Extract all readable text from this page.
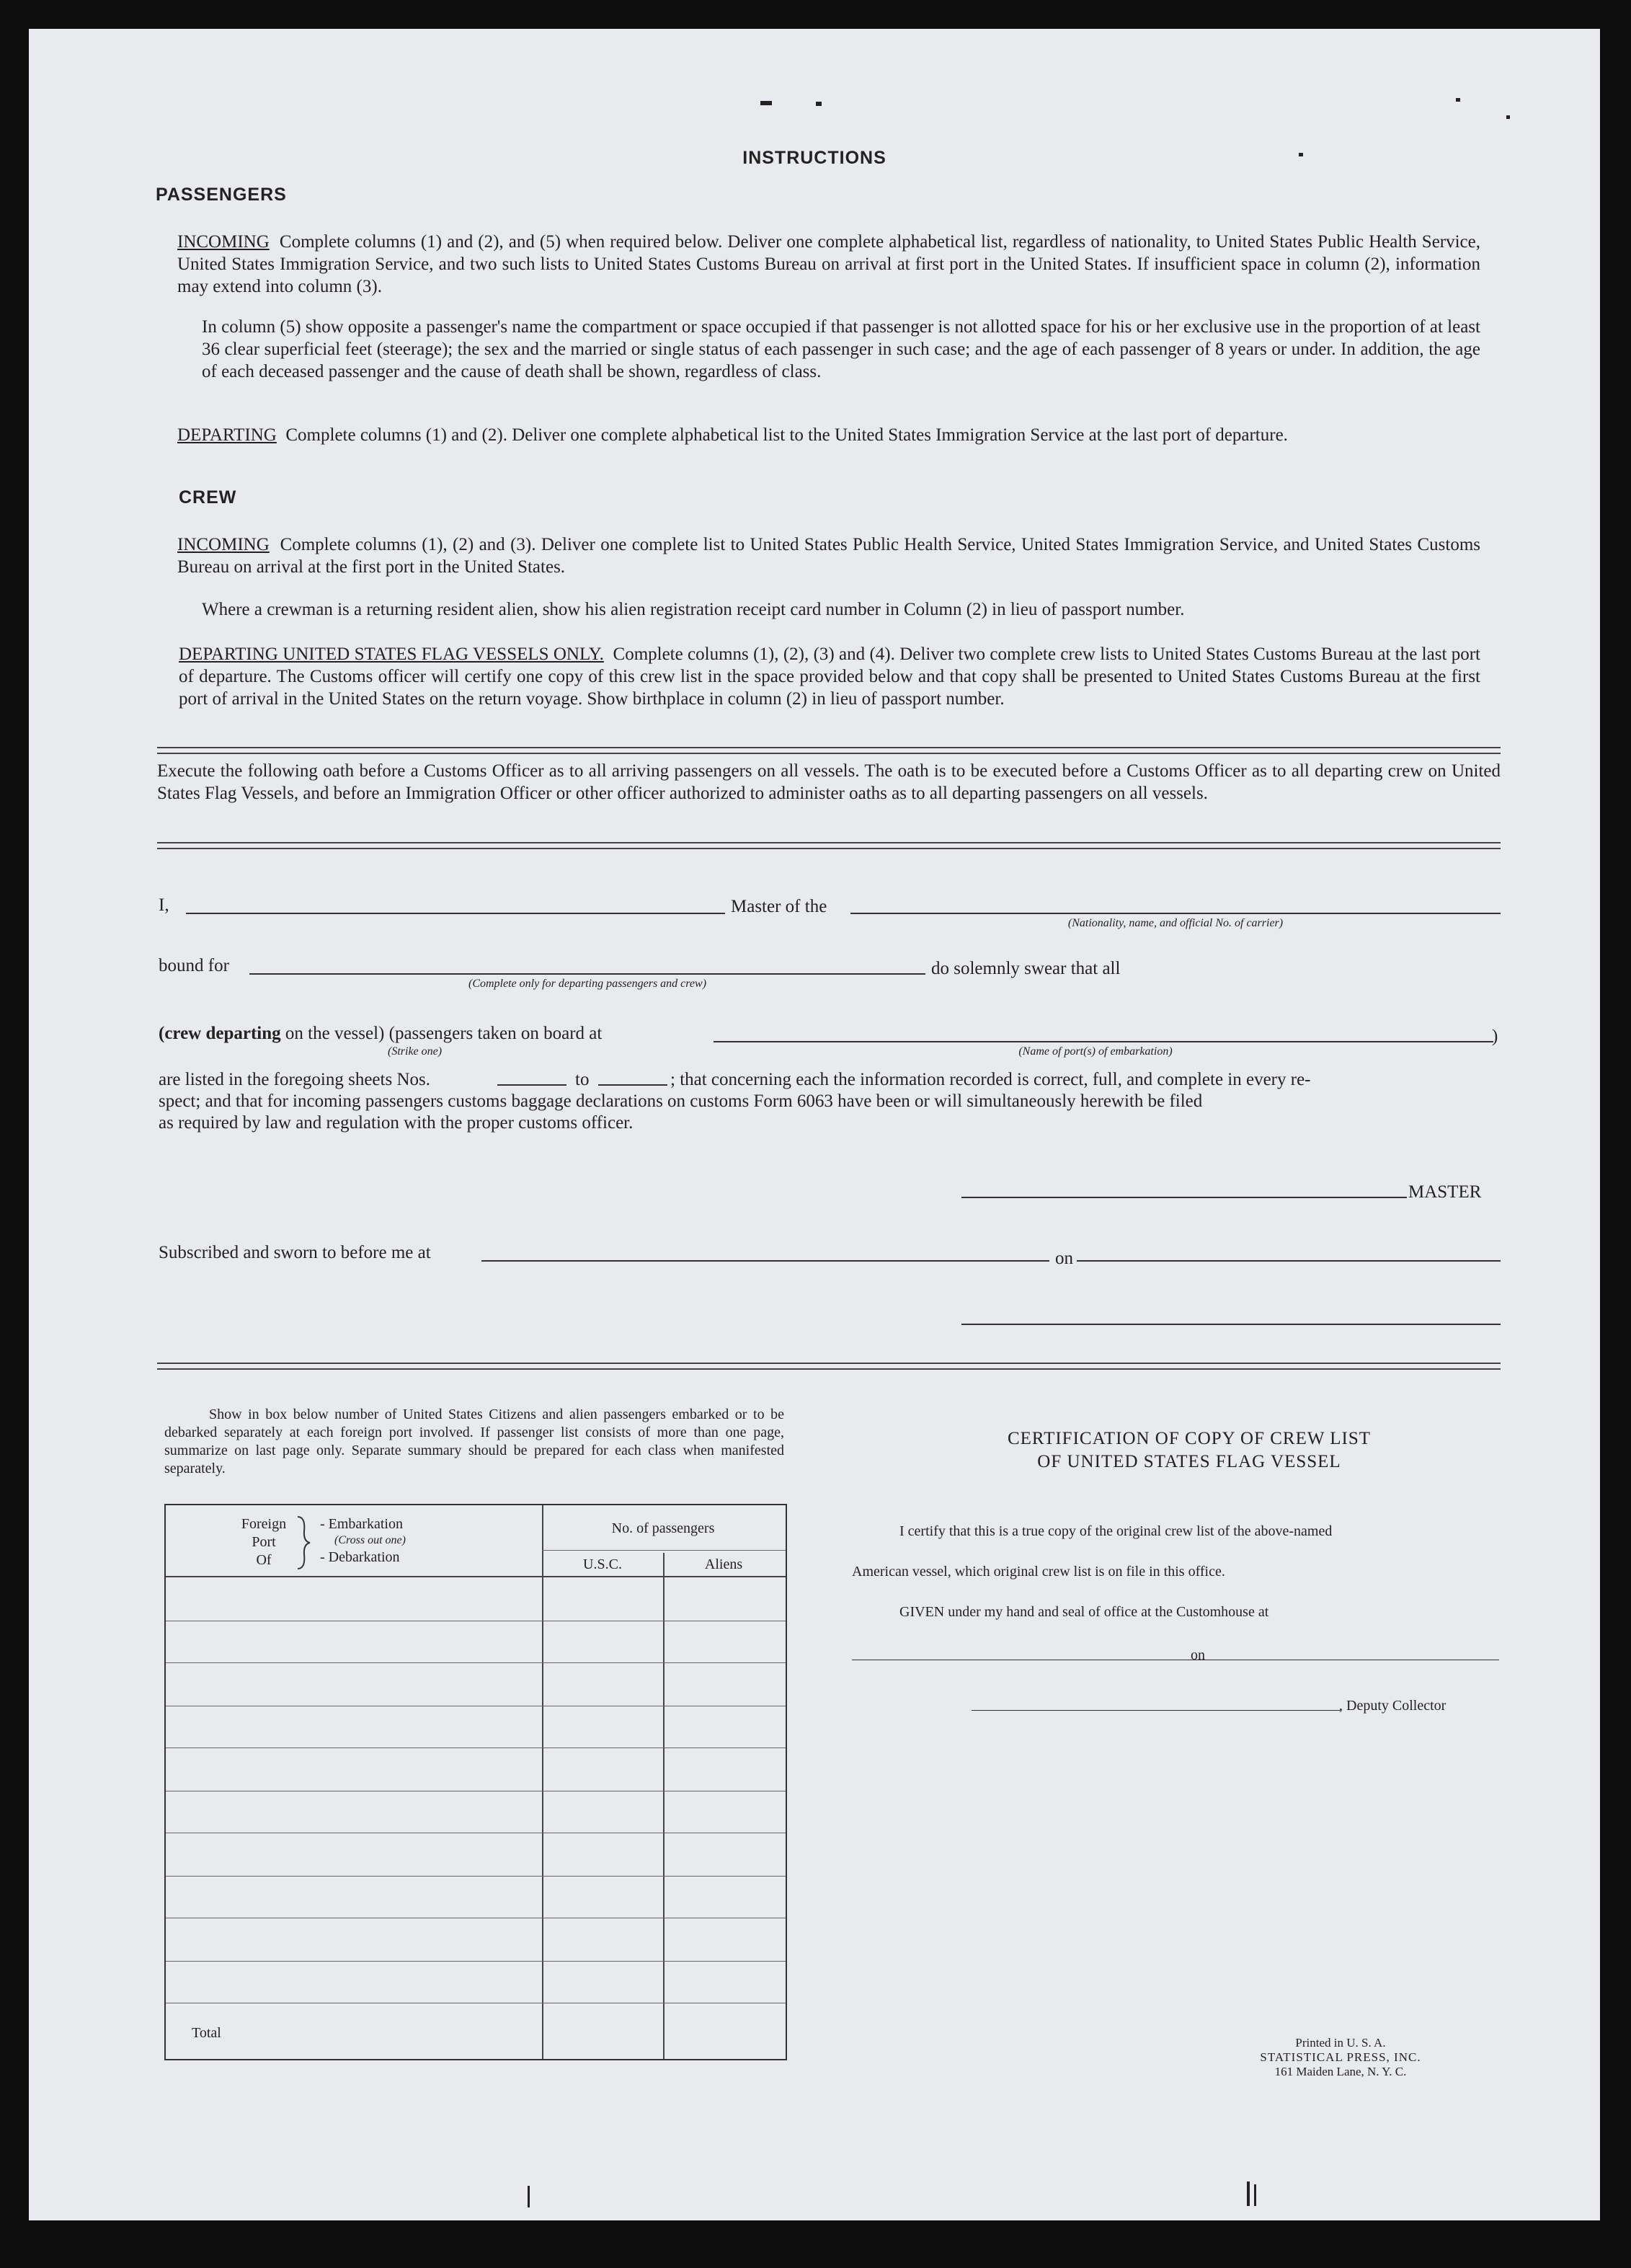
INSTRUCTIONS
PASSENGERS
INCOMING Complete columns (1) and (2), and (5) when required below. Deliver one complete alphabetical list, regardless of nationality, to United States Public Health Service, United States Immigration Service, and two such lists to United States Customs Bureau on arrival at first port in the United States. If insufficient space in column (2), information may extend into column (3).
In column (5) show opposite a passenger's name the compartment or space occupied if that passenger is not allotted space for his or her exclusive use in the proportion of at least 36 clear superficial feet (steerage); the sex and the married or single status of each passenger in such case; and the age of each passenger of 8 years or under. In addition, the age of each deceased passenger and the cause of death shall be shown, regardless of class.
DEPARTING Complete columns (1) and (2). Deliver one complete alphabetical list to the United States Immigration Service at the last port of departure.
CREW
INCOMING Complete columns (1), (2) and (3). Deliver one complete list to United States Public Health Service, United States Immigration Service, and United States Customs Bureau on arrival at the first port in the United States.
Where a crewman is a returning resident alien, show his alien registration receipt card number in Column (2) in lieu of passport number.
DEPARTING UNITED STATES FLAG VESSELS ONLY. Complete columns (1), (2), (3) and (4). Deliver two complete crew lists to United States Customs Bureau at the last port of departure. The Customs officer will certify one copy of this crew list in the space provided below and that copy shall be presented to United States Customs Bureau at the first port of arrival in the United States on the return voyage. Show birthplace in column (2) in lieu of passport number.
Execute the following oath before a Customs Officer as to all arriving passengers on all vessels. The oath is to be executed before a Customs Officer as to all departing crew on United States Flag Vessels, and before an Immigration Officer or other officer authorized to administer oaths as to all departing passengers on all vessels.
I,	Master of the
(Nationality, name, and official No. of carrier)
bound for
(Complete only for departing passengers and crew)
do solemnly swear that all
(crew departing on the vessel) (passengers taken on board at
(Strike one)	(Name of port(s) of embarkation)
)
are listed in the foregoing sheets Nos.	to	; that concerning each the information recorded is correct, full, and complete in every re-
spect; and that for incoming passengers customs baggage declarations on customs Form 6063 have been or will simultaneously herewith be filed
as required by law and regulation with the proper customs officer.
MASTER
Subscribed and sworn to before me at	on
Show in box below number of United States Citizens and alien passengers embarked or to be debarked separately at each foreign port involved. If passenger list consists of more than one page, summarize on last page only. Separate summary should be prepared for each class when manifested separately.
Foreign
Port
Of
- Embarkation
(Cross out one)
- Debarkation
No. of passengers
U.S.C.	Aliens
Total
CERTIFICATION OF COPY OF CREW LIST
OF UNITED STATES FLAG VESSEL
I certify that this is a true copy of the original crew list of the above-named
American vessel, which original crew list is on file in this office.
GIVEN under my hand and seal of office at the Customhouse at
on
, Deputy Collector
Printed in U. S. A.
STATISTICAL PRESS, INC.
161 Maiden Lane, N. Y. C.
